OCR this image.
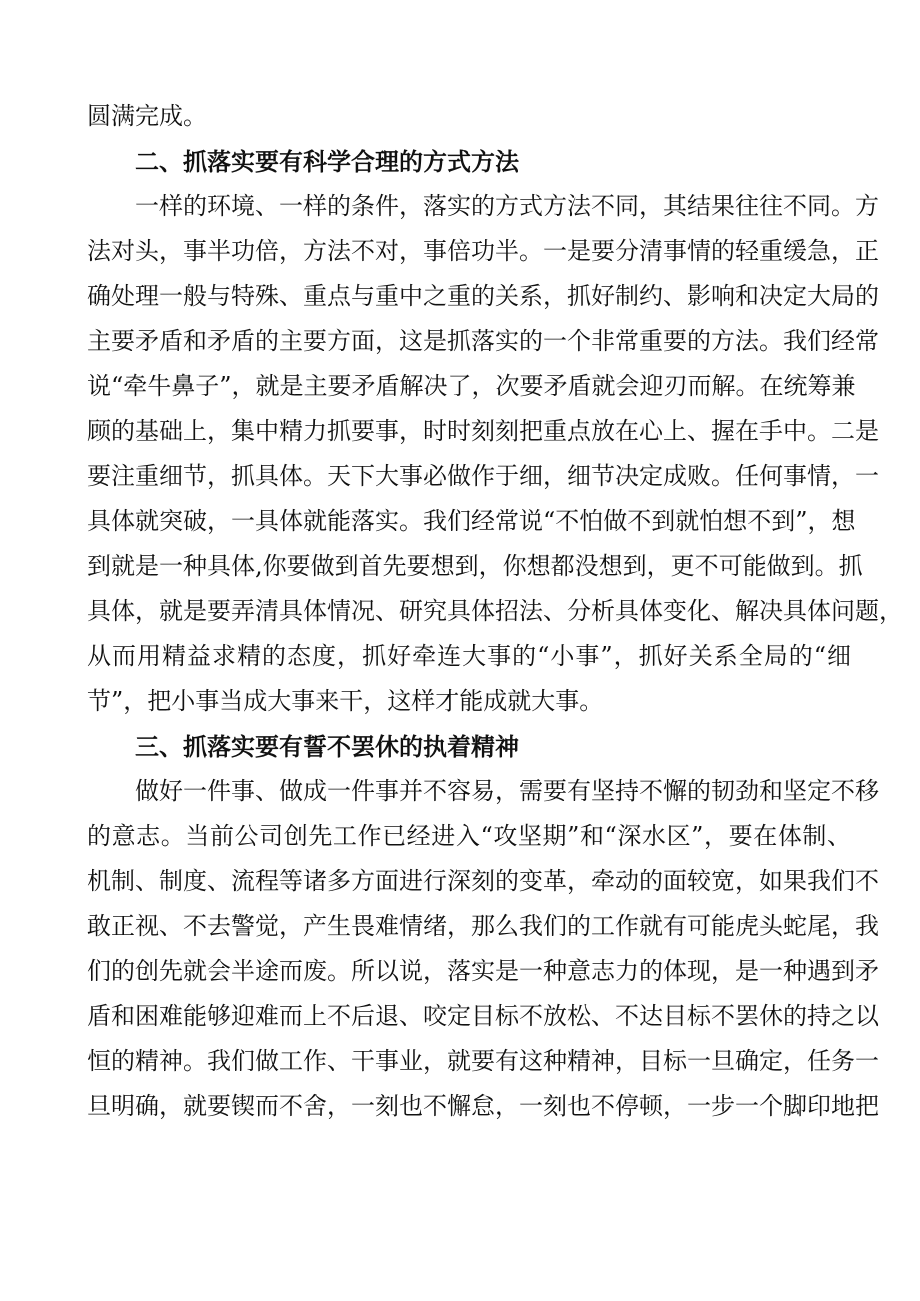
圆满完成。
二、抓落实要有科学合理的方式方法
一样的环境、一样的条件，落实的方式方法不同，其结果往往不同。方
法对头，事半功倍，方法不对，事倍功半。一是要分清事情的轻重缓急，正
确处理一般与特殊、重点与重中之重的关系，抓好制约、影响和决定大局的
主要矛盾和矛盾的主要方面，这是抓落实的一个非常重要的方法。我们经常
说“牵牛鼻子”，就是主要矛盾解决了，次要矛盾就会迎刃而解。在统筹兼
顾的基础上，集中精力抓要事，时时刻刻把重点放在心上、握在手中。二是
要注重细节，抓具体。天下大事必做作于细，细节决定成败。任何事情，一
具体就突破，一具体就能落实。我们经常说“不怕做不到就怕想不到”，想
到就是一种具体,你要做到首先要想到，你想都没想到，更不可能做到。抓
具体，就是要弄清具体情况、研究具体招法、分析具体变化、解决具体问题，
从而用精益求精的态度，抓好牵连大事的“小事”，抓好关系全局的“细
节”，把小事当成大事来干，这样才能成就大事。
三、抓落实要有誓不罢休的执着精神
做好一件事、做成一件事并不容易，需要有坚持不懈的韧劲和坚定不移
的意志。当前公司创先工作已经进入“攻坚期”和“深水区”，要在体制、
机制、制度、流程等诸多方面进行深刻的变革，牵动的面较宽，如果我们不
敢正视、不去警觉，产生畏难情绪，那么我们的工作就有可能虎头蛇尾，我
们的创先就会半途而废。所以说，落实是一种意志力的体现，是一种遇到矛
盾和困难能够迎难而上不后退、咬定目标不放松、不达目标不罢休的持之以
恒的精神。我们做工作、干事业，就要有这种精神，目标一旦确定，任务一
旦明确，就要锲而不舍，一刻也不懈怠，一刻也不停顿，一步一个脚印地把
